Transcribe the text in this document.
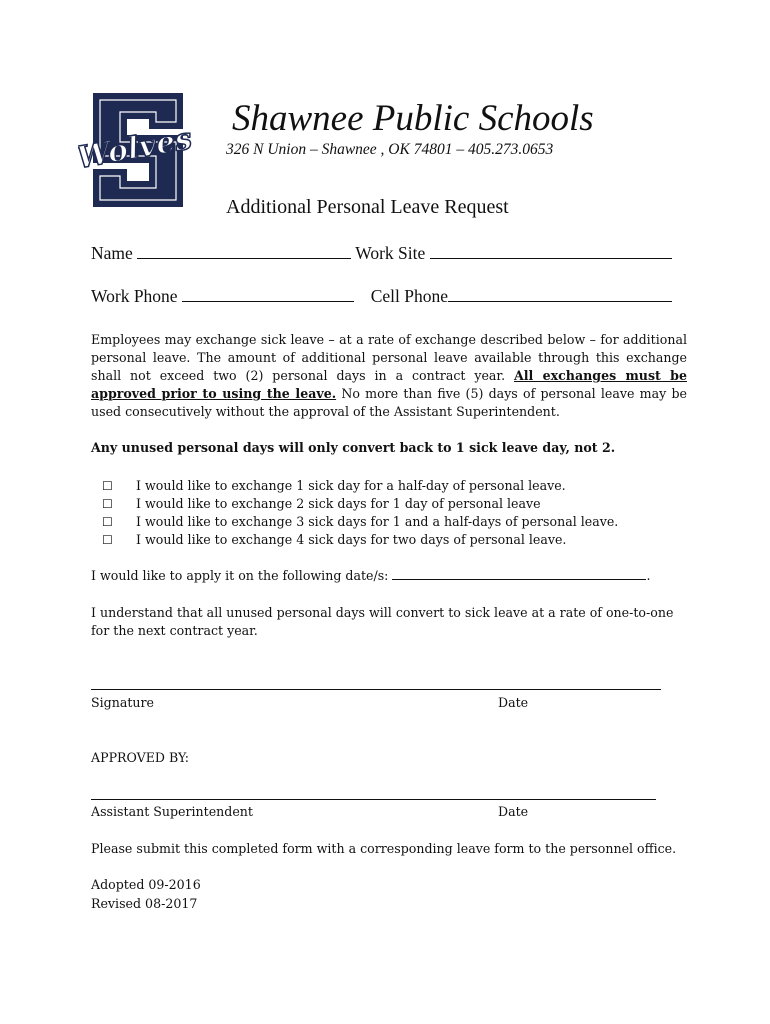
Wolves
Shawnee Public Schools
326 N Union – Shawnee , OK 74801 – 405.273.0653
Additional Personal Leave Request
Name	Work Site
Work Phone	Cell Phone
Employees may exchange sick leave – at a rate of exchange described below – for additional personal leave. The amount of additional personal leave available through this exchange shall not exceed two (2) personal days in a contract year. All exchanges must be approved prior to using the leave. No more than five (5) days of personal leave may be used consecutively without the approval of the Assistant Superintendent.
Any unused personal days will only convert back to 1 sick leave day, not 2.
☐	I would like to exchange 1 sick day for a half-day of personal leave.
☐	I would like to exchange 2 sick days for 1 day of personal leave
☐	I would like to exchange 3 sick days for 1 and a half-days of personal leave.
☐	I would like to exchange 4 sick days for two days of personal leave.
I would like to apply it on the following date/s:	.
I understand that all unused personal days will convert to sick leave at a rate of one-to-one for the next contract year.
Signature	Date
APPROVED BY:
Assistant Superintendent	Date
Please submit this completed form with a corresponding leave form to the personnel office.
Adopted 09-2016
Revised 08-2017
